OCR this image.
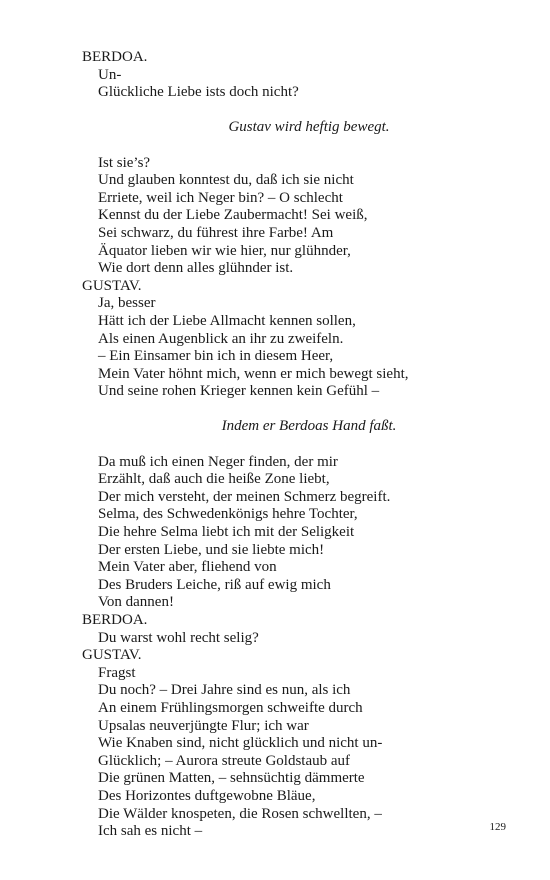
BERDOA.
Un-
Glückliche Liebe ists doch nicht?
Gustav wird heftig bewegt.
Ist sie’s?
Und glauben konntest du, daß ich sie nicht
Erriete, weil ich Neger bin? – O schlecht
Kennst du der Liebe Zaubermacht! Sei weiß,
Sei schwarz, du führest ihre Farbe! Am
Äquator lieben wir wie hier, nur glühnder,
Wie dort denn alles glühnder ist.
GUSTAV.
Ja, besser
Hätt ich der Liebe Allmacht kennen sollen,
Als einen Augenblick an ihr zu zweifeln.
– Ein Einsamer bin ich in diesem Heer,
Mein Vater höhnt mich, wenn er mich bewegt sieht,
Und seine rohen Krieger kennen kein Gefühl –
Indem er Berdoas Hand faßt.
Da muß ich einen Neger finden, der mir
Erzählt, daß auch die heiße Zone liebt,
Der mich versteht, der meinen Schmerz begreift.
Selma, des Schwedenkönigs hehre Tochter,
Die hehre Selma liebt ich mit der Seligkeit
Der ersten Liebe, und sie liebte mich!
Mein Vater aber, fliehend von
Des Bruders Leiche, riß auf ewig mich
Von dannen!
BERDOA.
Du warst wohl recht selig?
GUSTAV.
Fragst
Du noch? – Drei Jahre sind es nun, als ich
An einem Frühlingsmorgen schweifte durch
Upsalas neuverjüngte Flur; ich war
Wie Knaben sind, nicht glücklich und nicht un-
Glücklich; – Aurora streute Goldstaub auf
Die grünen Matten, – sehnsüchtig dämmerte
Des Horizontes duftgewobne Bläue,
Die Wälder knospeten, die Rosen schwellten, –
Ich sah es nicht –	129
